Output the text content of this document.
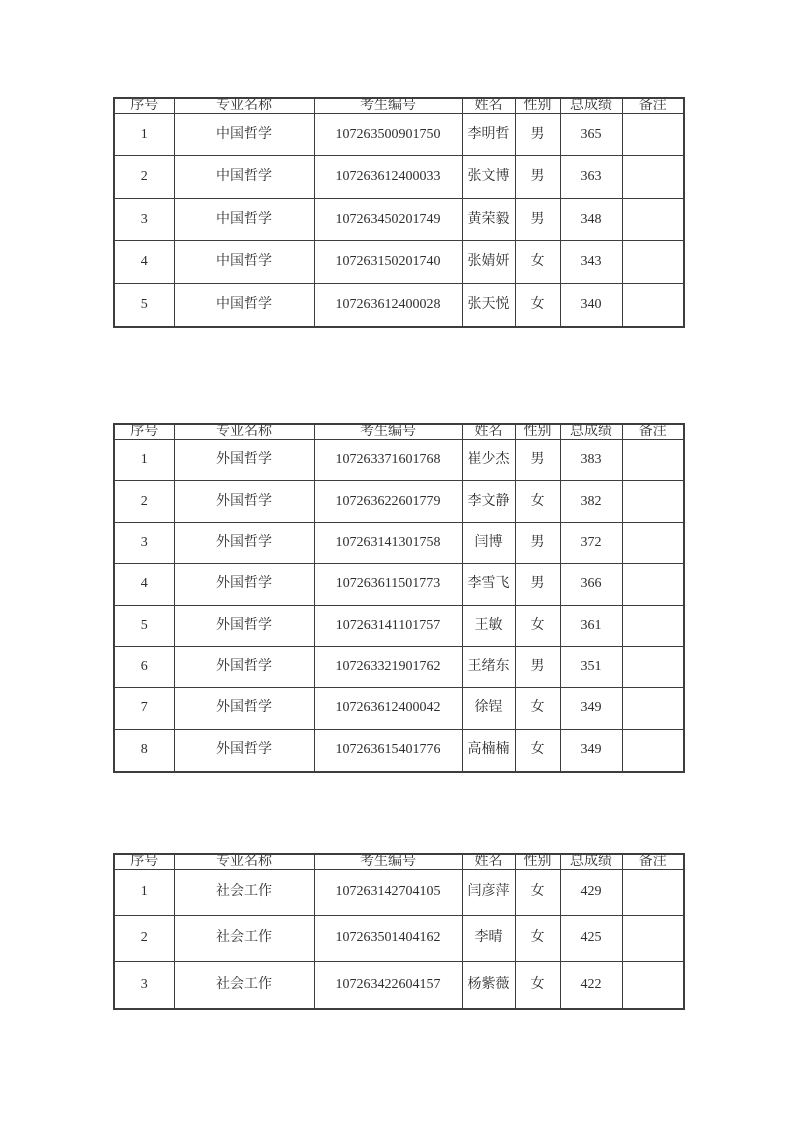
序号	专业名称	考生编号	姓名	性别	总成绩	备注
1	中国哲学	107263500901750	李明哲	男	365	
2	中国哲学	107263612400033	张文博	男	363	
3	中国哲学	107263450201749	黄荣毅	男	348	
4	中国哲学	107263150201740	张婧妍	女	343	
5	中国哲学	107263612400028	张天悦	女	340	
序号	专业名称	考生编号	姓名	性别	总成绩	备注
1	外国哲学	107263371601768	崔少杰	男	383	
2	外国哲学	107263622601779	李文静	女	382	
3	外国哲学	107263141301758	闫博	男	372	
4	外国哲学	107263611501773	李雪飞	男	366	
5	外国哲学	107263141101757	王敏	女	361	
6	外国哲学	107263321901762	王绪东	男	351	
7	外国哲学	107263612400042	徐锃	女	349	
8	外国哲学	107263615401776	高楠楠	女	349	
序号	专业名称	考生编号	姓名	性别	总成绩	备注
1	社会工作	107263142704105	闫彦萍	女	429	
2	社会工作	107263501404162	李晴	女	425	
3	社会工作	107263422604157	杨紫薇	女	422	
